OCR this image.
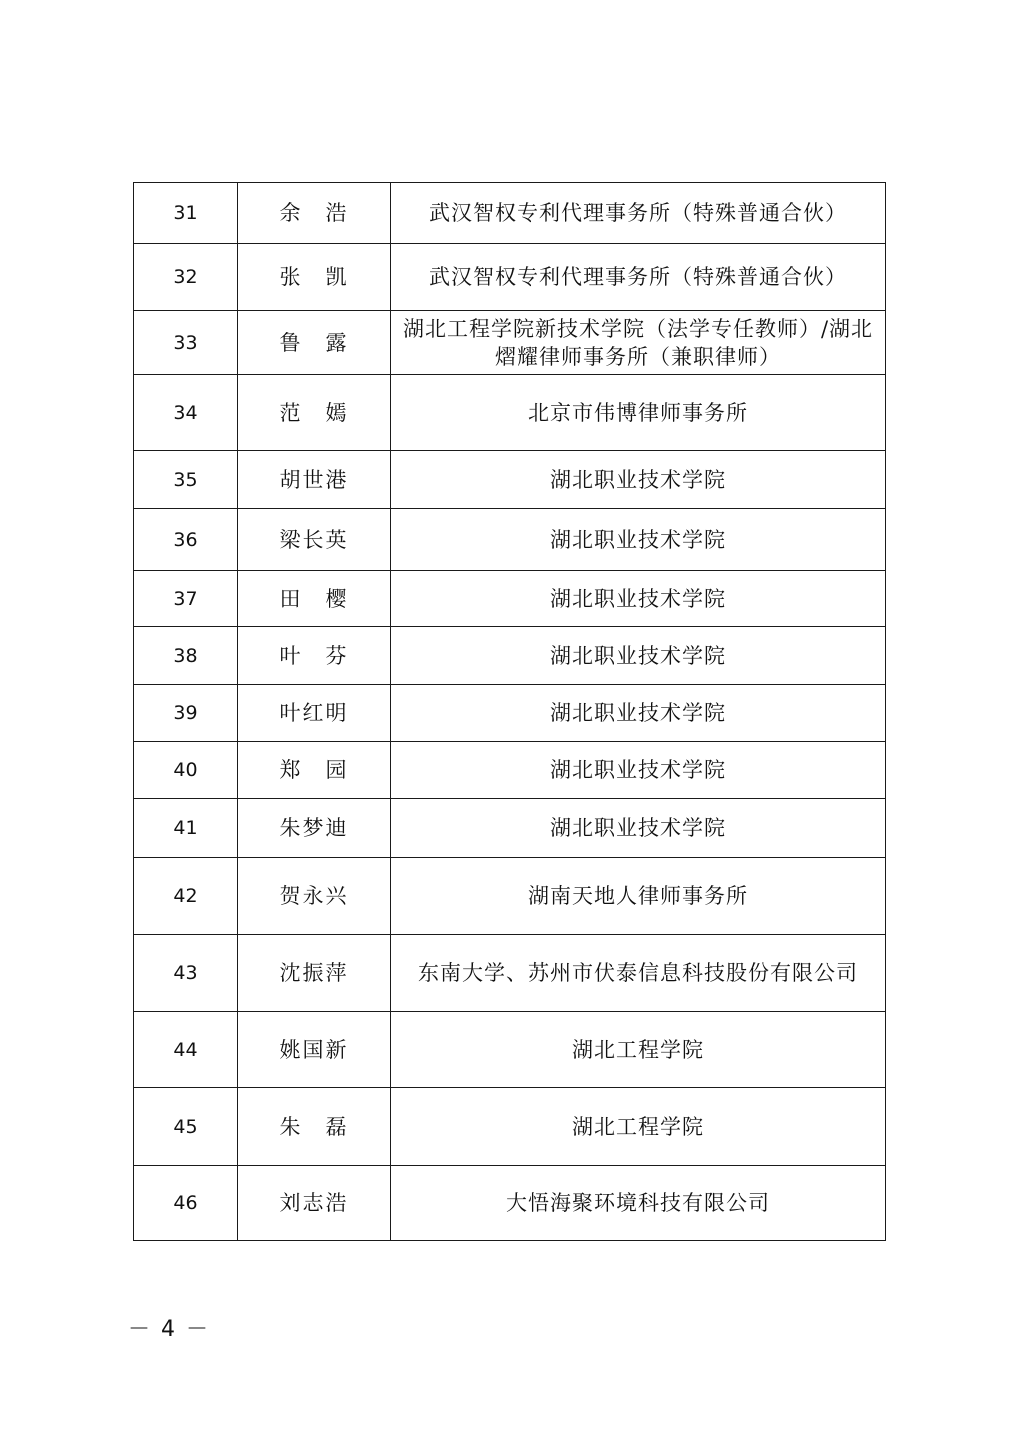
31	余　浩	武汉智权专利代理事务所（特殊普通合伙）
32	张　凯	武汉智权专利代理事务所（特殊普通合伙）
33	鲁　露	湖北工程学院新技术学院（法学专任教师）/湖北熠耀律师事务所（兼职律师）
34	范　嫣	北京市伟博律师事务所
35	胡世港	湖北职业技术学院
36	梁长英	湖北职业技术学院
37	田　樱	湖北职业技术学院
38	叶　芬	湖北职业技术学院
39	叶红明	湖北职业技术学院
40	郑　园	湖北职业技术学院
41	朱梦迪	湖北职业技术学院
42	贺永兴	湖南天地人律师事务所
43	沈振萍	东南大学、苏州市伏泰信息科技股份有限公司
44	姚国新	湖北工程学院
45	朱　磊	湖北工程学院
46	刘志浩	大悟海聚环境科技有限公司
－ 4 －
